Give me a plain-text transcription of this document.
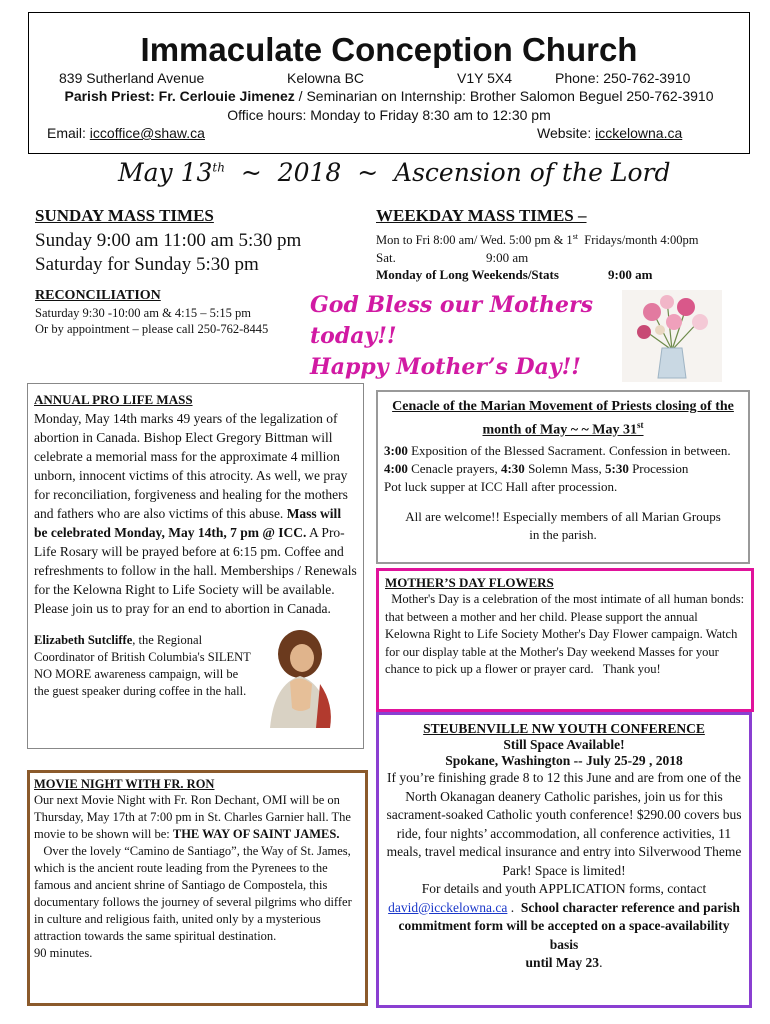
Immaculate Conception Church
839 Sutherland Avenue	Kelowna BC	V1Y 5X4	Phone: 250-762-3910
Parish Priest: Fr. Cerlouie Jimenez / Seminarian on Internship: Brother Salomon Beguel 250-762-3910
Office hours: Monday to Friday 8:30 am to 12:30 pm
Email: iccoffice@shaw.ca	Website: icckelowna.ca
May 13th  ~  2018  ~  Ascension of the Lord
SUNDAY MASS TIMES
Sunday 9:00 am 11:00 am 5:30 pm
Saturday for Sunday 5:30 pm
WEEKDAY MASS TIMES –
Mon to Fri 8:00 am/ Wed. 5:00 pm & 1st  Fridays/month 4:00pm
Sat.	9:00 am
Monday of Long Weekends/Stats	9:00 am
RECONCILIATION
Saturday 9:30 -10:00 am & 4:15 – 5:15 pm
Or by appointment – please call 250-762-8445
God Bless our Mothers today!!
Happy Mother’s Day!!
ANNUAL PRO LIFE MASS
Monday, May 14th marks 49 years of the legalization of abortion in Canada. Bishop Elect Gregory Bittman will celebrate a memorial mass for the approximate 4 million unborn, innocent victims of this atrocity. As well, we pray for reconciliation, forgiveness and healing for the mothers and fathers who are also victims of this abuse. Mass will be celebrated Monday, May 14th, 7 pm @ ICC. A Pro-Life Rosary will be prayed before at 6:15 pm. Coffee and refreshments to follow in the hall. Memberships / Renewals for the Kelowna Right to Life Society will be available. Please join us to pray for an end to abortion in Canada.
Elizabeth Sutcliffe, the Regional Coordinator of British Columbia's SILENT NO MORE awareness campaign, will be the guest speaker during coffee in the hall.
Cenacle of the Marian Movement of Priests closing of the month of May ~ ~ May 31st
3:00 Exposition of the Blessed Sacrament. Confession in between.
4:00 Cenacle prayers, 4:30 Solemn Mass, 5:30 Procession
Pot luck supper at ICC Hall after procession.
All are welcome!! Especially members of all Marian Groups in the parish.
MOTHER’S DAY FLOWERS
Mother's Day is a celebration of the most intimate of all human bonds: that between a mother and her child. Please support the annual Kelowna Right to Life Society Mother's Day Flower campaign. Watch for our display table at the Mother's Day weekend Masses for your chance to pick up a flower or prayer card.   Thank you!
MOVIE NIGHT WITH FR. RON
Our next Movie Night with Fr. Ron Dechant, OMI will be on Thursday, May 17th at 7:00 pm in St. Charles Garnier hall. The movie to be shown will be: THE WAY OF SAINT JAMES.
Over the lovely “Camino de Santiago”, the Way of St. James, which is the ancient route leading from the Pyrenees to the famous and ancient shrine of Santiago de Compostela, this documentary follows the journey of several pilgrims who differ in culture and religious faith, united only by a mysterious attraction towards the same spiritual destination.
90 minutes.
STEUBENVILLE NW YOUTH CONFERENCE
Still Space Available!
Spokane, Washington -- July 25-29 , 2018
If you’re finishing grade 8 to 12 this June and are from one of the North Okanagan deanery Catholic parishes, join us for this sacrament-soaked Catholic youth conference! $290.00 covers bus ride, four nights’ accommodation, all conference activities, 11 meals, travel medical insurance and entry into Silverwood Theme Park! Space is limited!
For details and youth APPLICATION forms, contact david@icckelowna.ca .  School character reference and parish commitment form will be accepted on a space-availability basis
until May 23.
